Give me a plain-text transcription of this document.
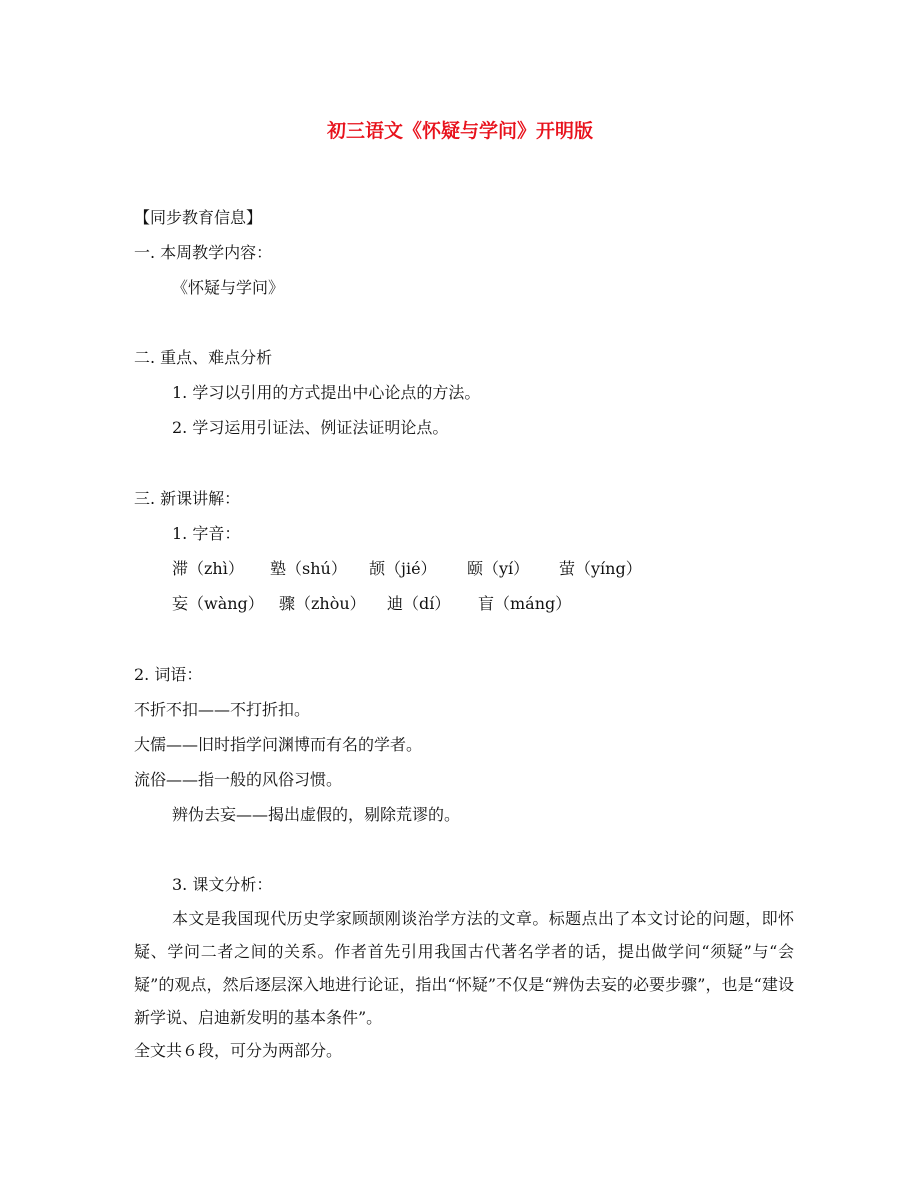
初三语文《怀疑与学问》开明版
【同步教育信息】
一. 本周教学内容：
《怀疑与学问》
二. 重点、难点分析
1. 学习以引用的方式提出中心论点的方法。
2. 学习运用引证法、例证法证明论点。
三. 新课讲解：
1. 字音：
滞（zhì） 塾（shú） 颉（jié） 颐（yí） 萤（yíng）
妄（wàng） 骤（zhòu） 迪（dí） 盲（máng）
2. 词语：
不折不扣——不打折扣。
大儒——旧时指学问渊博而有名的学者。
流俗——指一般的风俗习惯。
辨伪去妄——揭出虚假的，剔除荒谬的。
3. 课文分析：

本文是我国现代历史学家顾颉刚谈治学方法的文章。标题点出了本文讨论的问题，即怀疑、学问二者之间的关系。作者首先引用我国古代著名学者的话，提出做学问“须疑”与“会疑”的观点，然后逐层深入地进行论证，指出“怀疑”不仅是“辨伪去妄的必要步骤”，也是“建设新学说、启迪新发明的基本条件”。

全文共６段，可分为两部分。
